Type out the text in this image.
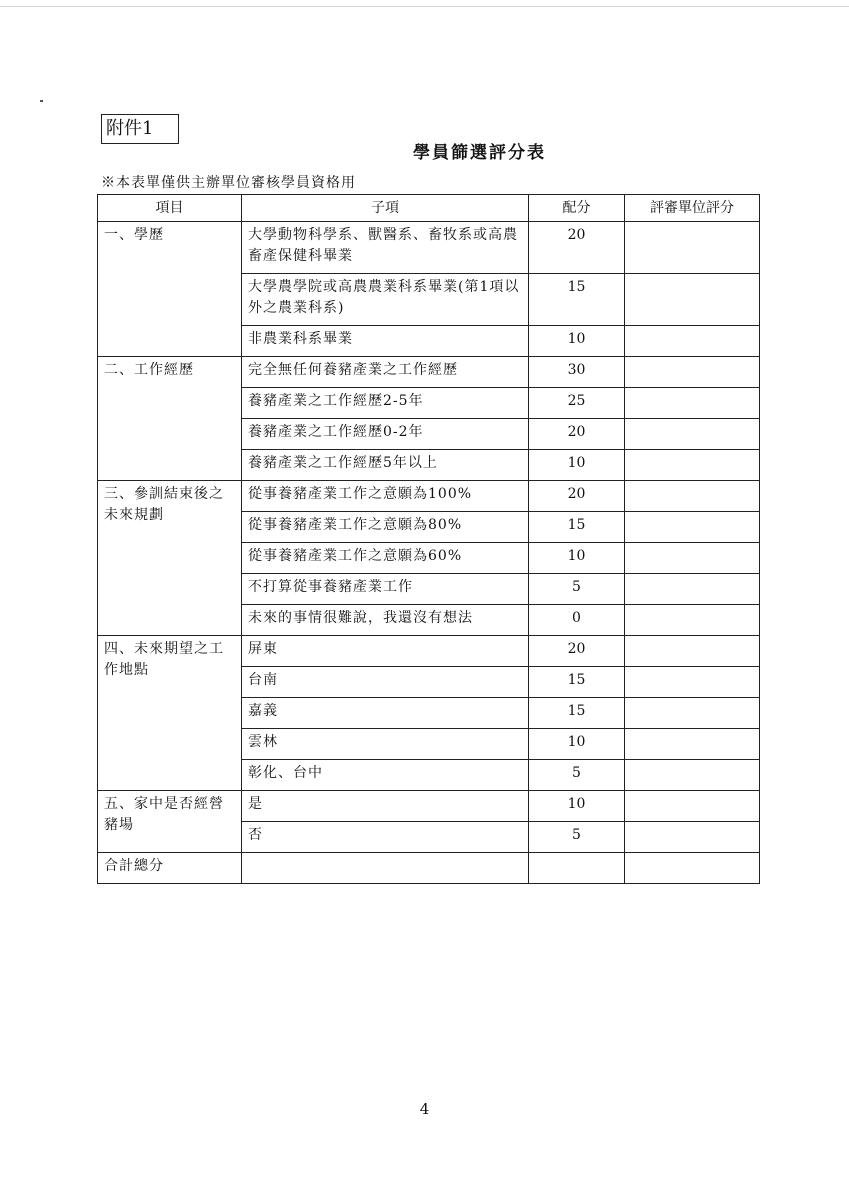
附件1
學員篩選評分表
※本表單僅供主辦單位審核學員資格用
項目	子項	配分	評審單位評分
一、學歷	大學動物科學系、獸醫系、畜牧系或高農畜產保健科畢業	20	
	大學農學院或高農農業科系畢業(第1項以外之農業科系)	15	
	非農業科系畢業	10	
二、工作經歷	完全無任何養豬產業之工作經歷	30	
	養豬產業之工作經歷2-5年	25	
	養豬產業之工作經歷0-2年	20	
	養豬產業之工作經歷5年以上	10	
三、參訓結束後之未來規劃	從事養豬產業工作之意願為100%	20	
	從事養豬產業工作之意願為80%	15	
	從事養豬產業工作之意願為60%	10	
	不打算從事養豬產業工作	5	
	未來的事情很難說，我還沒有想法	0	
四、未來期望之工作地點	屏東	20	
	台南	15	
	嘉義	15	
	雲林	10	
	彰化、台中	5	
五、家中是否經營豬場	是	10	
	否	5	
合計總分			
4
